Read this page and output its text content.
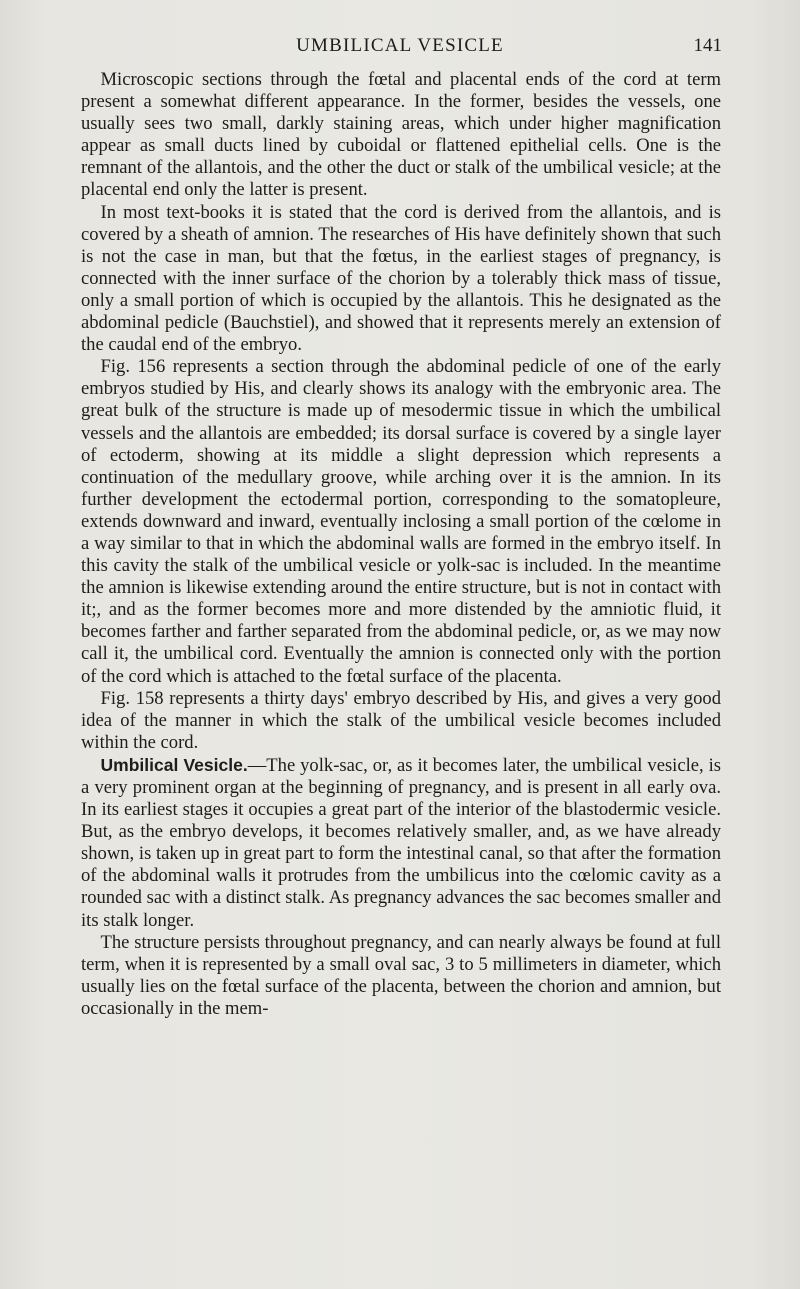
UMBILICAL VESICLE	141

Microscopic sections through the fœtal and placental ends of the cord at term present a somewhat different appearance. In the former, besides the vessels, one usually sees two small, darkly staining areas, which under higher magnification appear as small ducts lined by cuboidal or flattened epithelial cells. One is the remnant of the allantois, and the other the duct or stalk of the umbilical vesicle; at the placental end only the latter is present.

In most text-books it is stated that the cord is derived from the allantois, and is covered by a sheath of amnion. The researches of His have definitely shown that such is not the case in man, but that the fœtus, in the earliest stages of pregnancy, is connected with the inner surface of the chorion by a tolerably thick mass of tissue, only a small portion of which is occupied by the allantois. This he designated as the abdominal pedicle (Bauchstiel), and showed that it represents merely an extension of the caudal end of the embryo.

Fig. 156 represents a section through the abdominal pedicle of one of the early embryos studied by His, and clearly shows its analogy with the embryonic area. The great bulk of the structure is made up of mesodermic tissue in which the umbilical vessels and the allantois are embedded; its dorsal surface is covered by a single layer of ectoderm, showing at its middle a slight depression which represents a continuation of the medullary groove, while arching over it is the amnion. In its further development the ectodermal portion, corresponding to the somatopleure, extends downward and inward, eventually inclosing a small portion of the cœlome in a way similar to that in which the abdominal walls are formed in the embryo itself. In this cavity the stalk of the umbilical vesicle or yolk-sac is included. In the meantime the amnion is likewise extending around the entire structure, but is not in contact with it;, and as the former becomes more and more distended by the amniotic fluid, it becomes farther and farther separated from the abdominal pedicle, or, as we may now call it, the umbilical cord. Eventually the amnion is connected only with the portion of the cord which is attached to the fœtal surface of the placenta.

Fig. 158 represents a thirty days' embryo described by His, and gives a very good idea of the manner in which the stalk of the umbilical vesicle becomes included within the cord.

Umbilical Vesicle.—The yolk-sac, or, as it becomes later, the umbilical vesicle, is a very prominent organ at the beginning of pregnancy, and is present in all early ova. In its earliest stages it occupies a great part of the interior of the blastodermic vesicle. But, as the embryo develops, it becomes relatively smaller, and, as we have already shown, is taken up in great part to form the intestinal canal, so that after the formation of the abdominal walls it protrudes from the umbilicus into the cœlomic cavity as a rounded sac with a distinct stalk. As pregnancy advances the sac becomes smaller and its stalk longer.

The structure persists throughout pregnancy, and can nearly always be found at full term, when it is represented by a small oval sac, 3 to 5 millimeters in diameter, which usually lies on the fœtal surface of the placenta, between the chorion and amnion, but occasionally in the mem-
